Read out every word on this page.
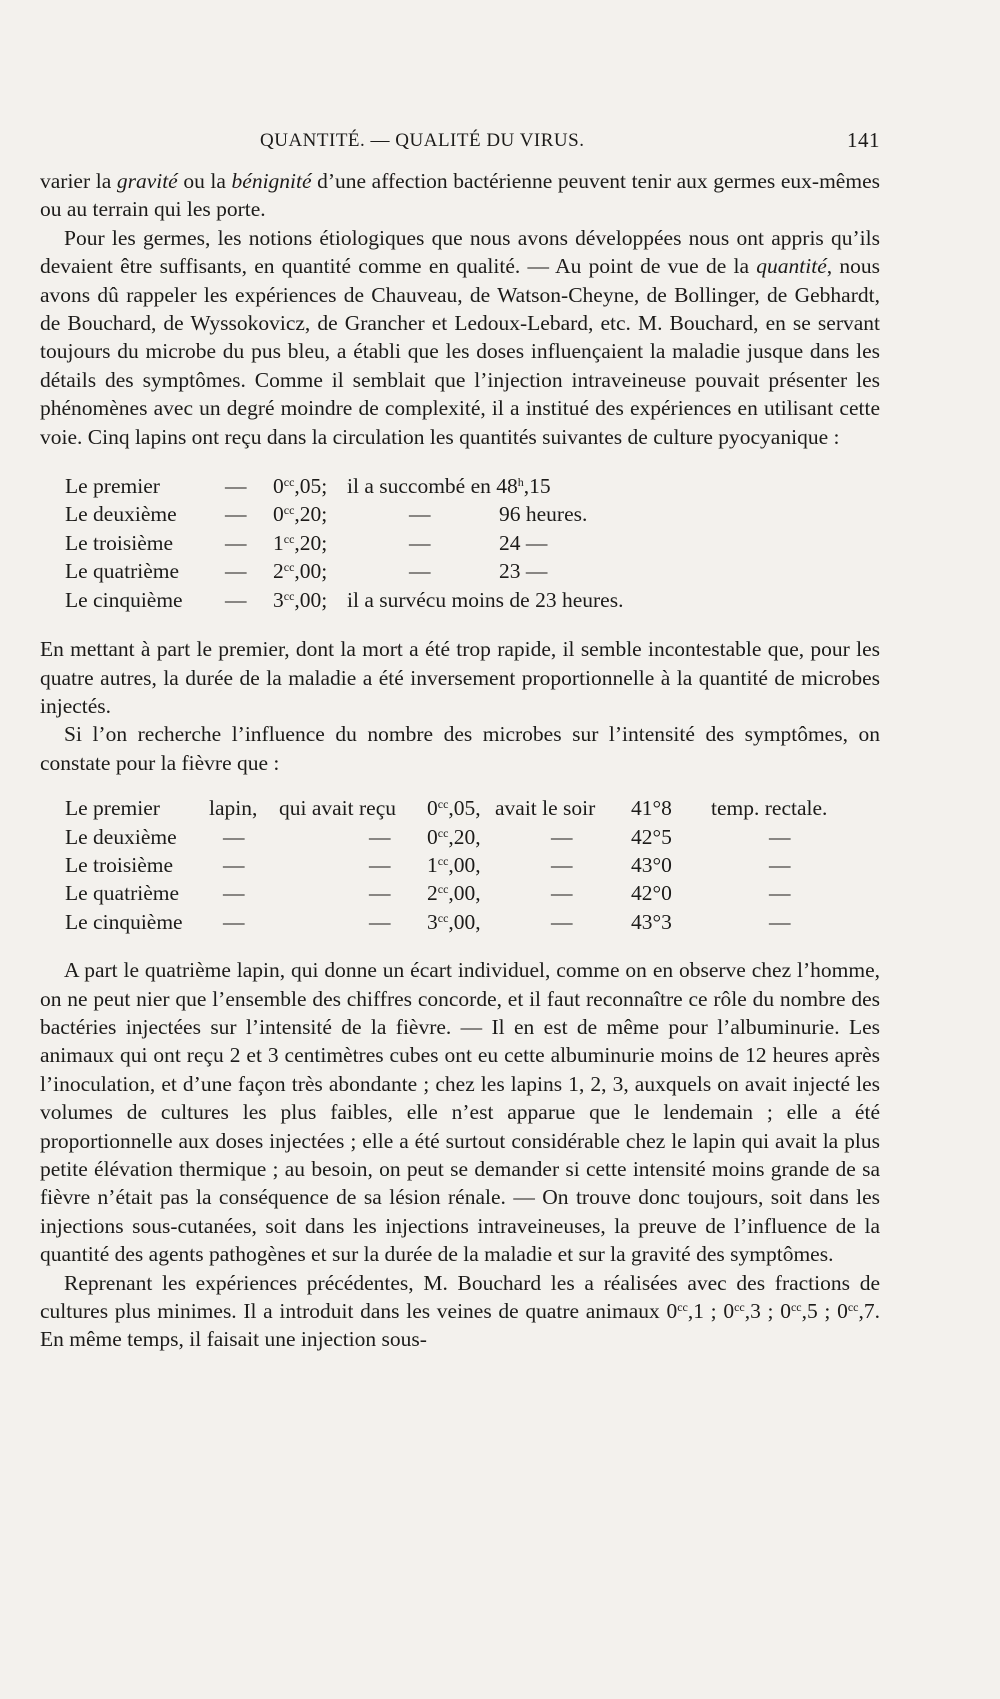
QUANTITÉ. — QUALITÉ DU VIRUS.	141

varier la gravité ou la bénignité d’une affection bactérienne peuvent tenir aux germes eux-mêmes ou au terrain qui les porte.

Pour les germes, les notions étiologiques que nous avons développées nous ont appris qu’ils devaient être suffisants, en quantité comme en qualité. — Au point de vue de la quantité, nous avons dû rappeler les expériences de Chauveau, de Watson-Cheyne, de Bollinger, de Gebhardt, de Bouchard, de Wyssokovicz, de Grancher et Ledoux-Lebard, etc. M. Bouchard, en se servant toujours du microbe du pus bleu, a établi que les doses influençaient la maladie jusque dans les détails des symptômes. Comme il semblait que l’injection intraveineuse pouvait présenter les phénomènes avec un degré moindre de complexité, il a institué des expériences en utilisant cette voie. Cinq lapins ont reçu dans la circulation les quantités suivantes de culture pyocyanique :

Le premier	—	$0^{cc},05$;	il a succombé en 48$^h$,15
Le deuxième	—	$0^{cc},20$;	— 96 heures.
Le troisième	—	$1^{cc},20$;	— 24 —
Le quatrième	—	$2^{cc},00$;	— 23 —
Le cinquième	—	$3^{cc},00$;	il a survécu moins de 23 heures.

En mettant à part le premier, dont la mort a été trop rapide, il semble incontestable que, pour les quatre autres, la durée de la maladie a été inversement proportionnelle à la quantité de microbes injectés.

Si l’on recherche l’influence du nombre des microbes sur l’intensité des symptômes, on constate pour la fièvre que :

Le premier	lapin,	qui avait reçu	$0^{cc},05$,	avait le soir	41°8	temp. rectale.
Le deuxième	—	—	$0^{cc},20$,	—	42°5	—
Le troisième	—	—	$1^{cc},00$,	—	43°0	—
Le quatrième	—	—	$2^{cc},00$,	—	42°0	—
Le cinquième	—	—	$3^{cc},00$,	—	43°3	—

A part le quatrième lapin, qui donne un écart individuel, comme on en observe chez l’homme, on ne peut nier que l’ensemble des chiffres concorde, et il faut reconnaître ce rôle du nombre des bactéries injectées sur l’intensité de la fièvre. — Il en est de même pour l’albuminurie. Les animaux qui ont reçu 2 et 3 centimètres cubes ont eu cette albuminurie moins de 12 heures après l’inoculation, et d’une façon très abondante ; chez les lapins 1, 2, 3, auxquels on avait injecté les volumes de cultures les plus faibles, elle n’est apparue que le lendemain ; elle a été proportionnelle aux doses injectées ; elle a été surtout considérable chez le lapin qui avait la plus petite élévation thermique ; au besoin, on peut se demander si cette intensité moins grande de sa fièvre n’était pas la conséquence de sa lésion rénale. — On trouve donc toujours, soit dans les injections sous-cutanées, soit dans les injections intraveineuses, la preuve de l’influence de la quantité des agents pathogènes et sur la durée de la maladie et sur la gravité des symptômes.

Reprenant les expériences précédentes, M. Bouchard les a réalisées avec des fractions de cultures plus minimes. Il a introduit dans les veines de quatre animaux $0^{cc},1$ ; $0^{cc},3$ ; $0^{cc},5$ ; $0^{cc},7$. En même temps, il faisait une injection sous-
